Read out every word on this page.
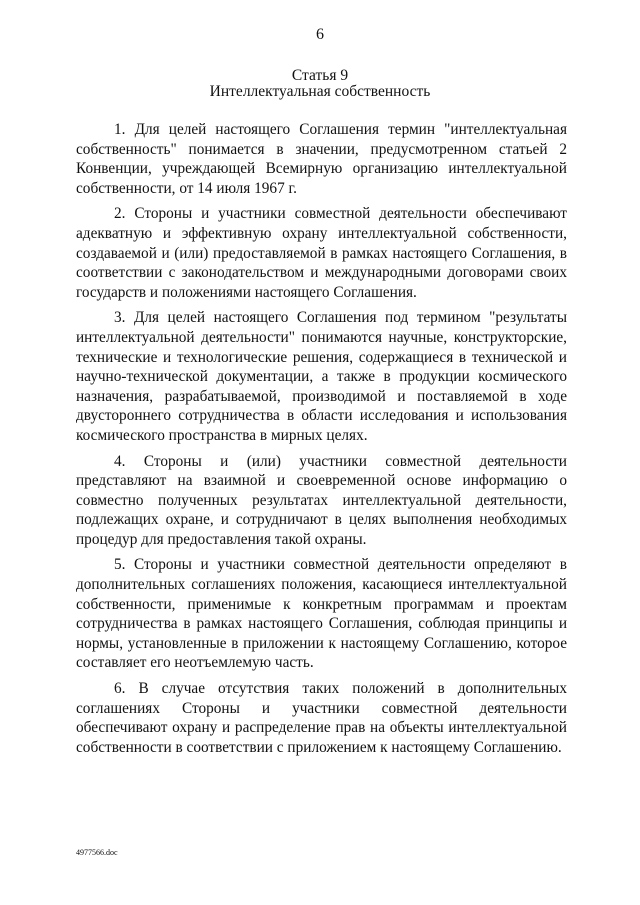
6
Статья 9
Интеллектуальная собственность

1. Для целей настоящего Соглашения термин "интеллектуальная собственность" понимается в значении, предусмотренном статьей 2 Конвенции, учреждающей Всемирную организацию интеллектуальной собственности, от 14 июля 1967 г.

2. Стороны и участники совместной деятельности обеспечивают адекватную и эффективную охрану интеллектуальной собственности, создаваемой и (или) предоставляемой в рамках настоящего Соглашения, в соответствии с законодательством и международными договорами своих государств и положениями настоящего Соглашения.

3. Для целей настоящего Соглашения под термином "результаты интеллектуальной деятельности" понимаются научные, конструкторские, технические и технологические решения, содержащиеся в технической и научно-технической документации, а также в продукции космического назначения, разрабатываемой, производимой и поставляемой в ходе двустороннего сотрудничества в области исследования и использования космического пространства в мирных целях.

4. Стороны и (или) участники совместной деятельности представляют на взаимной и своевременной основе информацию о совместно полученных результатах интеллектуальной деятельности, подлежащих охране, и сотрудничают в целях выполнения необходимых процедур для предоставления такой охраны.

5. Стороны и участники совместной деятельности определяют в дополнительных соглашениях положения, касающиеся интеллектуальной собственности, применимые к конкретным программам и проектам сотрудничества в рамках настоящего Соглашения, соблюдая принципы и нормы, установленные в приложении к настоящему Соглашению, которое составляет его неотъемлемую часть.

6. В случае отсутствия таких положений в дополнительных соглашениях Стороны и участники совместной деятельности обеспечивают охрану и распределение прав на объекты интеллектуальной собственности в соответствии с приложением к настоящему Соглашению.

4977566.doc
